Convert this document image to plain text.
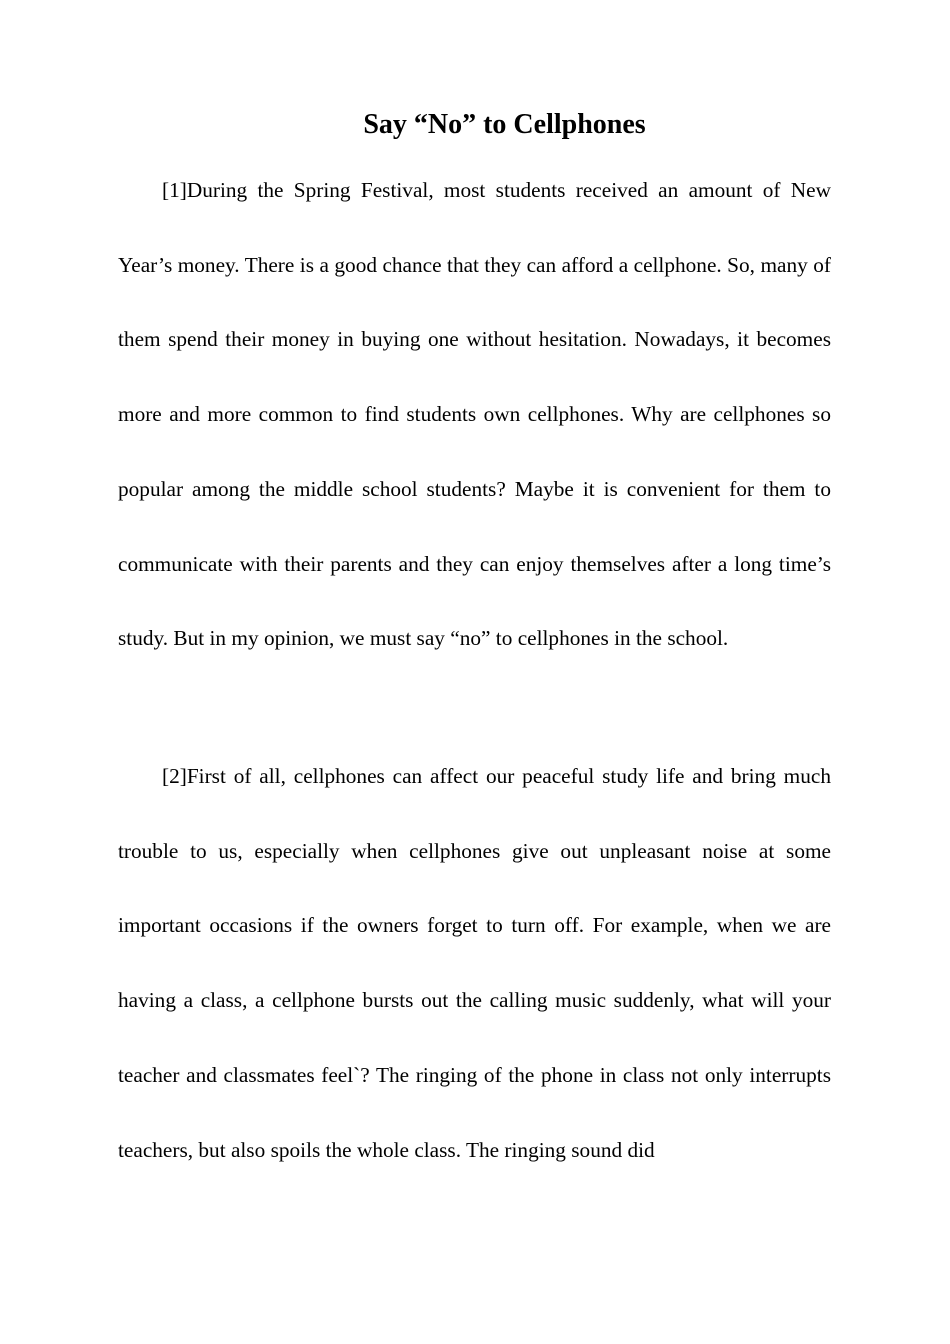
Say “No” to Cellphones

[1]During the Spring Festival, most students received an amount of New Year’s money. There is a good chance that they can afford a cellphone. So, many of them spend their money in buying one without hesitation. Nowadays, it becomes more and more common to find students own cellphones. Why are cellphones so popular among the middle school students? Maybe it is convenient for them to communicate with their parents and they can enjoy themselves after a long time’s study. But in my opinion, we must say “no” to cellphones in the school.

[2]First of all, cellphones can affect our peaceful study life and bring much trouble to us, especially when cellphones give out unpleasant noise at some important occasions if the owners forget to turn off. For example, when we are having a class, a cellphone bursts out the calling music suddenly, what will your teacher and classmates feel`? The ringing of the phone in class not only interrupts teachers, but also spoils the whole class. The ringing sound did
